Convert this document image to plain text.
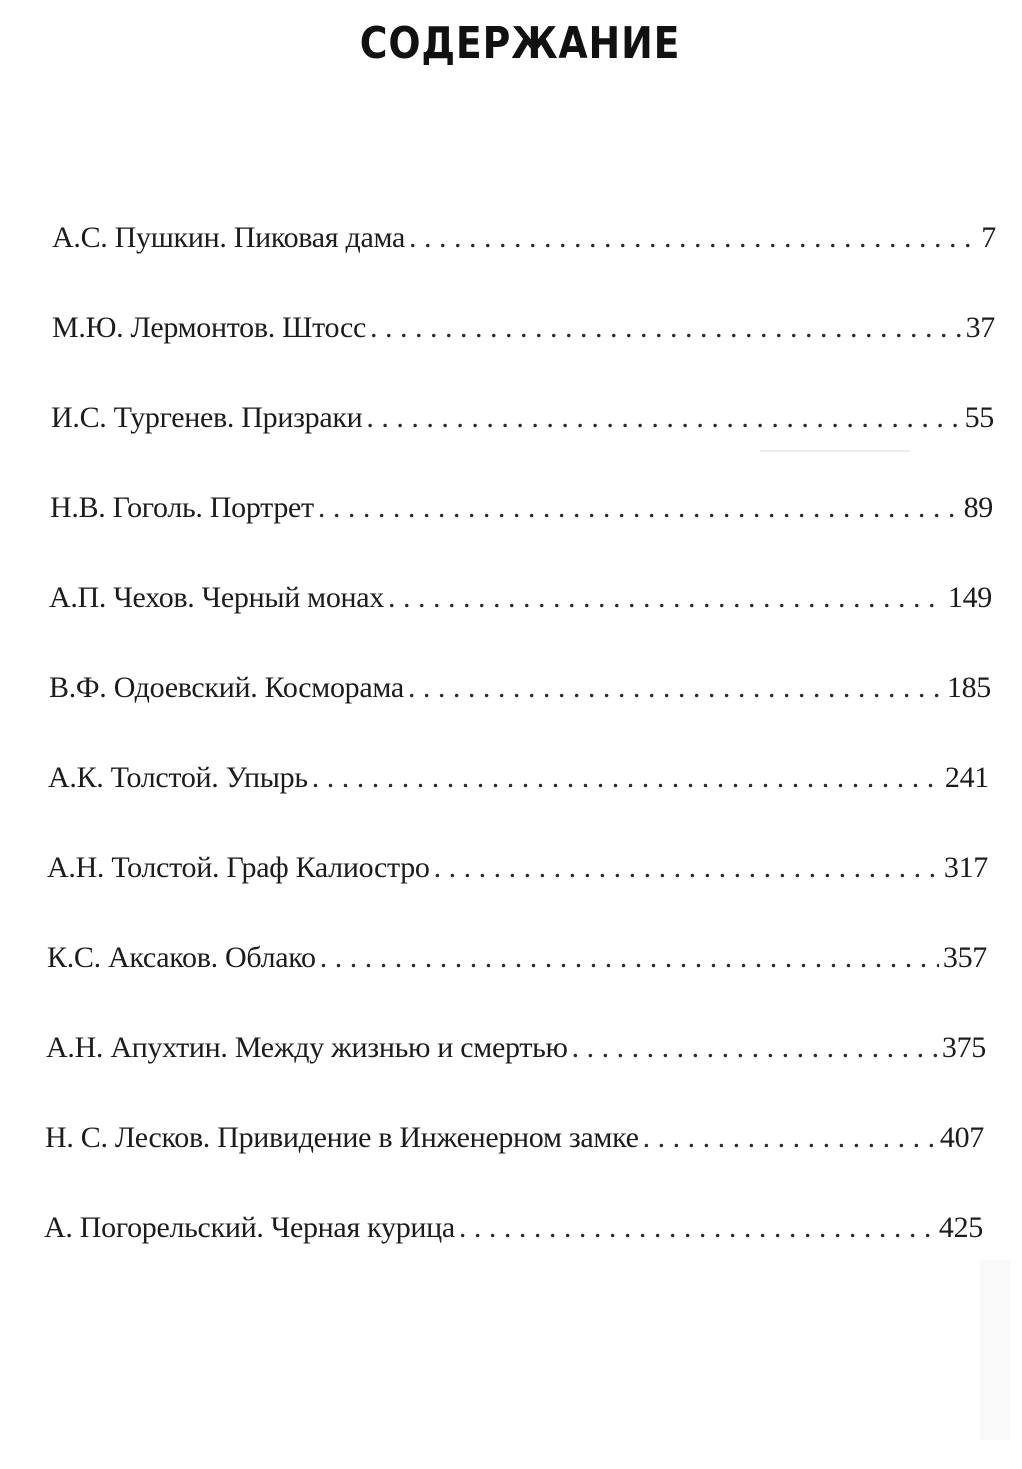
СОДЕРЖАНИЕ
А.С. Пушкин. Пиковая дама . . .	7
М.Ю. Лермонтов. Штосс . . .	37
И.С. Тургенев. Призраки . . .	55
Н.В. Гоголь. Портрет . . .	89
А.П. Чехов. Черный монах . . .	149
В.Ф. Одоевский. Косморама . . .	185
А.К. Толстой. Упырь . . .	241
А.Н. Толстой. Граф Калиостро . . .	317
К.С. Аксаков. Облако . . .	357
А.Н. Апухтин. Между жизнью и смертью . . .	375
Н. С. Лесков. Привидение в Инженерном замке . . .	407
А. Погорельский. Черная курица . . .	425
